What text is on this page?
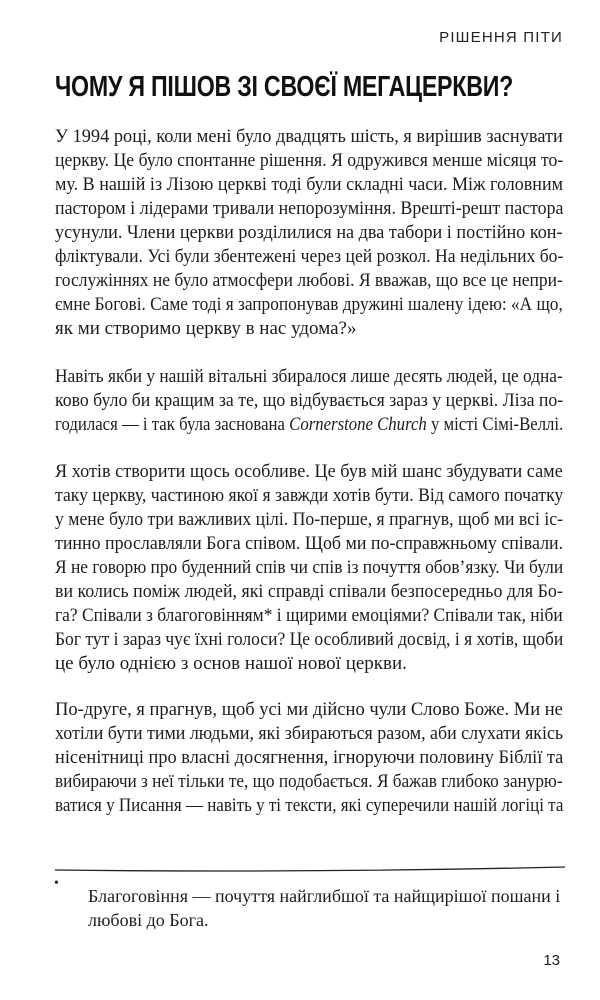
РІШЕННЯ ПІТИ
ЧОМУ Я ПІШОВ ЗІ СВОЄЇ МЕГАЦЕРКВИ?
У 1994 році, коли мені було двадцять шість, я вирішив заснувати
церкву. Це було спонтанне рішення. Я одружився менше місяця то-
му. В нашій із Лізою церкві тоді були складні часи. Між головним
пастором і лідерами тривали непорозуміння. Врешті-решт пастора
усунули. Члени церкви розділилися на два табори і постійно кон-
фліктували. Усі були збентежені через цей розкол. На недільних бо-
гослужіннях не було атмосфери любові. Я вважав, що все це непри-
ємне Богові. Саме тоді я запропонував дружині шалену ідею: «А що,
як ми створимо церкву в нас удома?»
Навіть якби у нашій вітальні збиралося лише десять людей, це одна-
ково було би кращим за те, що відбувається зараз у церкві. Ліза по-
годилася — і так була заснована Cornerstone Church у місті Сімі-Веллі.
Я хотів створити щось особливе. Це був мій шанс збудувати саме
таку церкву, частиною якої я завжди хотів бути. Від самого початку
у мене було три важливих цілі. По-перше, я прагнув, щоб ми всі іс-
тинно прославляли Бога співом. Щоб ми по-справжньому співали.
Я не говорю про буденний спів чи спів із почуття обов’язку. Чи були
ви колись поміж людей, які справді співали безпосередньо для Бо-
га? Співали з благоговінням* і щирими емоціями? Співали так, ніби
Бог тут і зараз чує їхні голоси? Це особливий досвід, і я хотів, щоби
це було однією з основ нашої нової церкви.
По-друге, я прагнув, щоб усі ми дійсно чули Слово Боже. Ми не
хотіли бути тими людьми, які збираються разом, аби слухати якісь
нісенітниці про власні досягнення, ігноруючи половину Біблії та
вибираючи з неї тільки те, що подобається. Я бажав глибоко занурю-
ватися у Писання — навіть у ті тексти, які суперечили нашій логіці та
•
Благоговіння — почуття найглибшої та найщирішої пошани і любові до Бога.
13
